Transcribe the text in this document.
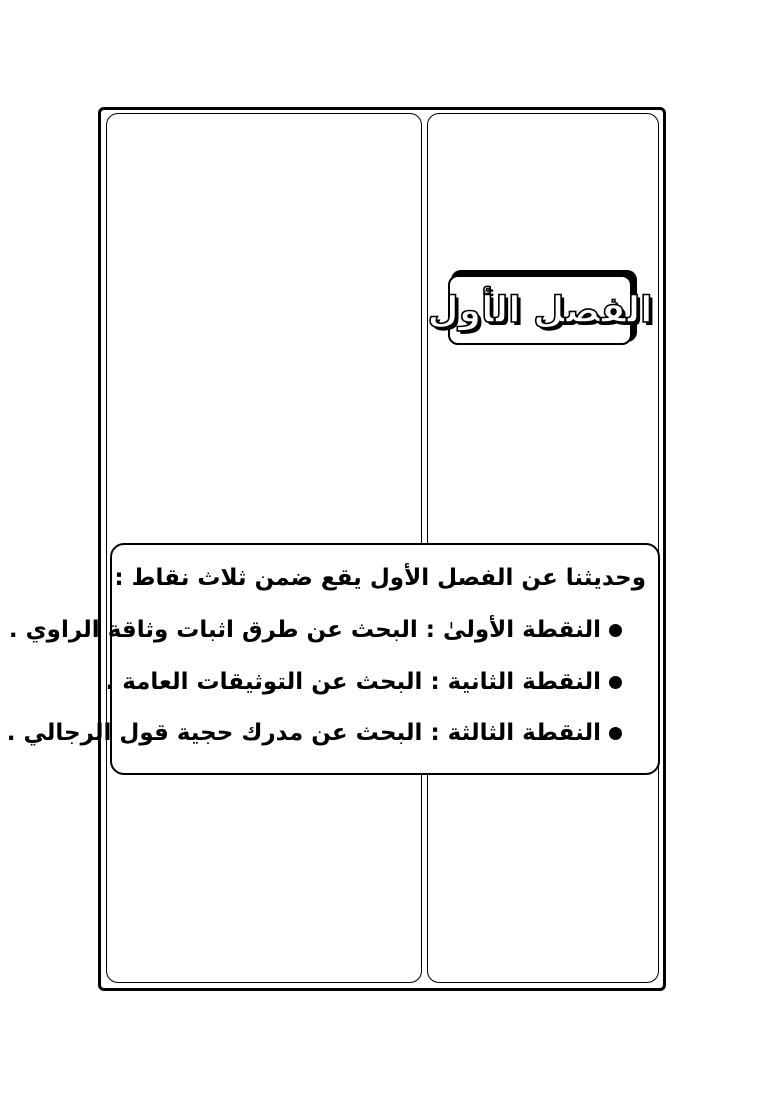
الفصل الأول
وحديثنا عن الفصل الأول يقع ضمن ثلاث نقاط :
النقطة الأولىٰ : البحث عن طرق اثبات وثاقة الراوي .
النقطة الثانية : البحث عن التوثيقات العامة .
النقطة الثالثة : البحث عن مدرك حجية قول الرجالي .
